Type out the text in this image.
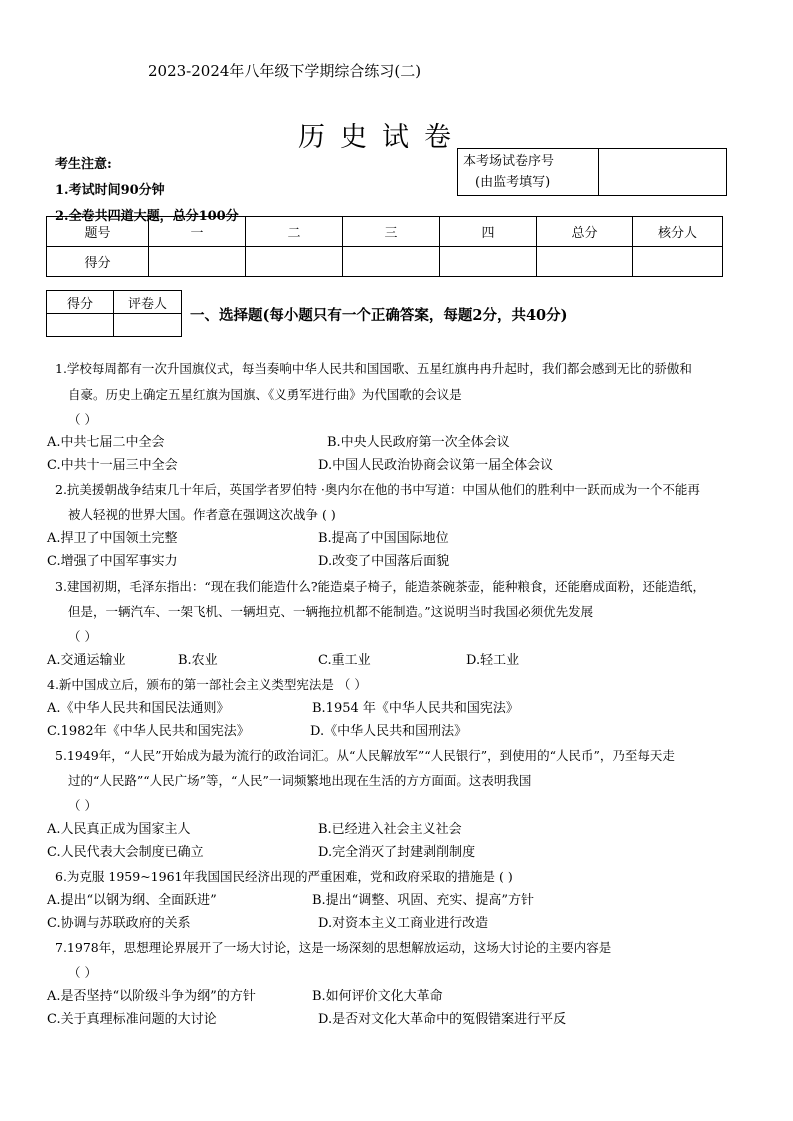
2023-2024年八年级下学期综合练习(二)
历史试卷
考生注意:
1.考试时间90分钟
2.全卷共四道大题，总分100分
本考场试卷序号
(由监考填写)

题号	一	二	三	四	总分	核分人
得分						
得分	评卷人

一、选择题(每小题只有一个正确答案，每题2分，共40分)
1.学校每周都有一次升国旗仪式，每当奏响中华人民共和国国歌、五星红旗冉冉升起时，我们都会感到无比的骄傲和
自豪。历史上确定五星红旗为国旗、《义勇军进行曲》为代国歌的会议是
（ ）
A.中共七届二中全会	B.中央人民政府第一次全体会议
C.中共十一届三中全会	D.中国人民政治协商会议第一届全体会议
2.抗美援朝战争结束几十年后，英国学者罗伯特 ·奥内尔在他的书中写道：中国从他们的胜利中一跃而成为一个不能再
被人轻视的世界大国。作者意在强调这次战争 ( )
A.捍卫了中国领土完整	B.提高了中国国际地位
C.增强了中国军事实力	D.改变了中国落后面貌
3.建国初期，毛泽东指出：“现在我们能造什么?能造桌子椅子，能造茶碗茶壶，能种粮食，还能磨成面粉，还能造纸，
但是，一辆汽车、一架飞机、一辆坦克、一辆拖拉机都不能制造。”这说明当时我国必须优先发展
（ ）
A.交通运输业	B.农业	C.重工业	D.轻工业
4.新中国成立后，颁布的第一部社会主义类型宪法是 （ ）
A.《中华人民共和国民法通则》	B.1954 年《中华人民共和国宪法》
C.1982年《中华人民共和国宪法》	D.《中华人民共和国刑法》
5.1949年，“人民”开始成为最为流行的政治词汇。从“人民解放军”“人民银行”，到使用的“人民币”，乃至每天走
过的“人民路”“人民广场”等，“人民”一词频繁地出现在生活的方方面面。这表明我国
（ ）
A.人民真正成为国家主人	B.已经进入社会主义社会
C.人民代表大会制度已确立	D.完全消灭了封建剥削制度
6.为克服 1959~1961年我国国民经济出现的严重困难，党和政府采取的措施是 ( )
A.提出“以钢为纲、全面跃进”	B.提出“调整、巩固、充实、提高”方针
C.协调与苏联政府的关系	D.对资本主义工商业进行改造
7.1978年，思想理论界展开了一场大讨论，这是一场深刻的思想解放运动，这场大讨论的主要内容是
（ ）
A.是否坚持“以阶级斗争为纲”的方针	B.如何评价文化大革命
C.关于真理标准问题的大讨论	D.是否对文化大革命中的冤假错案进行平反
